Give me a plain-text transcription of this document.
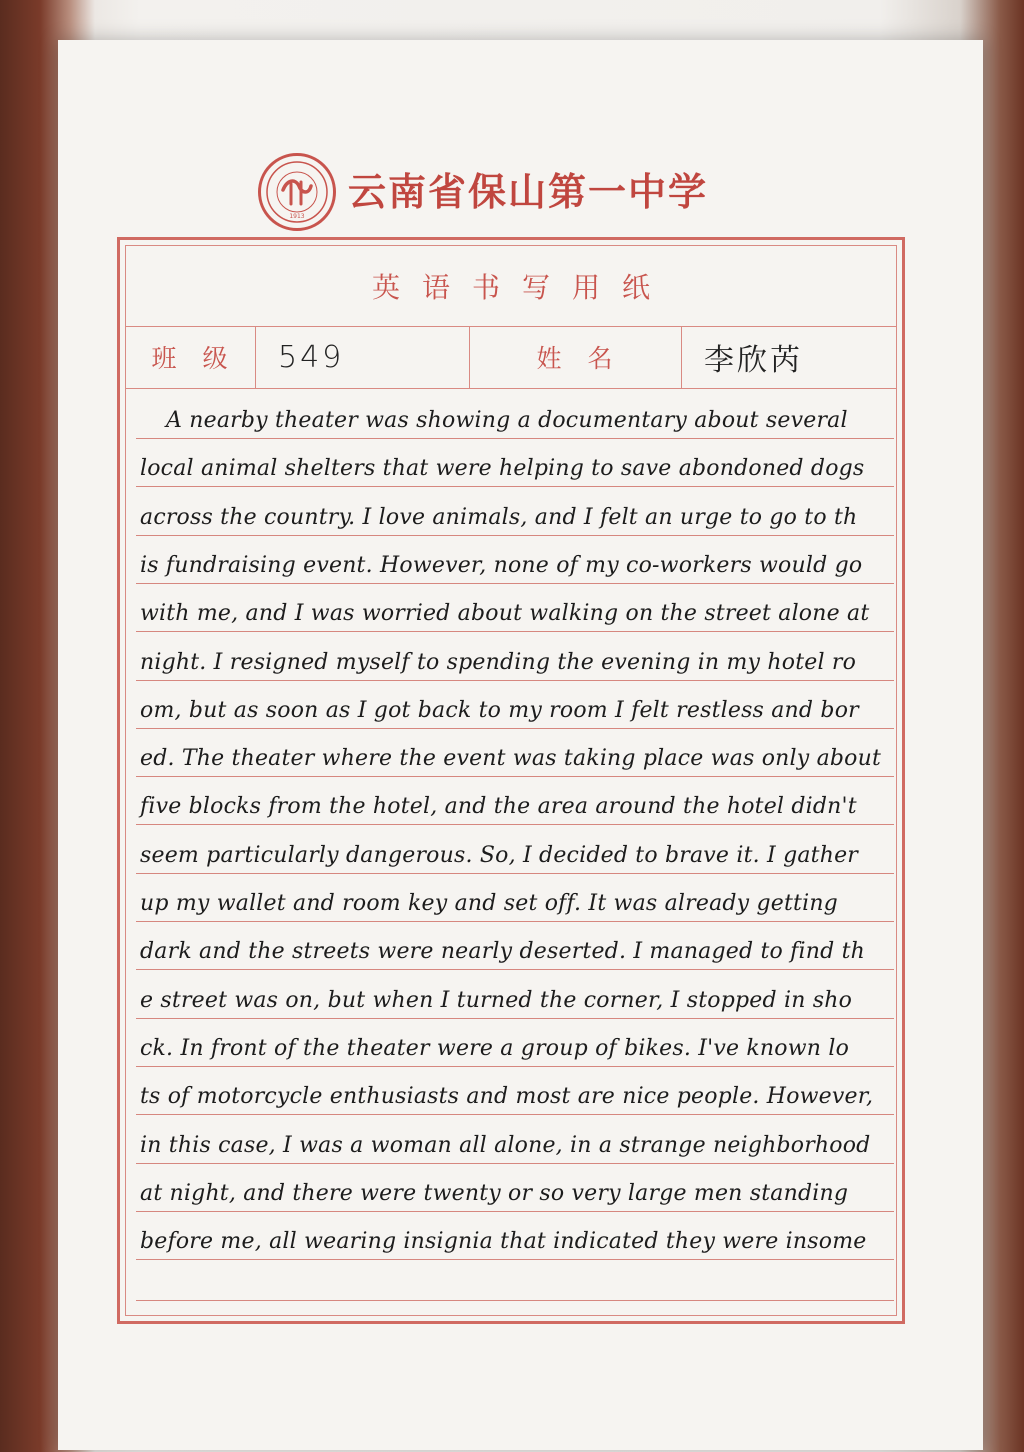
1913
云南省保山第一中学
英语书写用纸
班级 549	姓名	李欣芮
A nearby theater was showing a documentary about several
local animal shelters that were helping to save abondoned dogs
across the country. I love animals, and I felt an urge to go to th
is fundraising event. However, none of my co-workers would go
with me, and I was worried about walking on the street alone at
night. I resigned myself to spending the evening in my hotel ro
om, but as soon as I got back to my room I felt restless and bor
ed. The theater where the event was taking place was only about
five blocks from the hotel, and the area around the hotel didn't
seem particularly dangerous. So, I decided to brave it. I gather
up my wallet and room key and set off. It was already getting
dark and the streets were nearly deserted. I managed to find th
e street was on, but when I turned the corner, I stopped in sho
ck. In front of the theater were a group of bikes. I've known lo
ts of motorcycle enthusiasts and most are nice people. However,
in this case, I was a woman all alone, in a strange neighborhood
at night, and there were twenty or so very large men standing
before me, all wearing insignia that indicated they were insome
